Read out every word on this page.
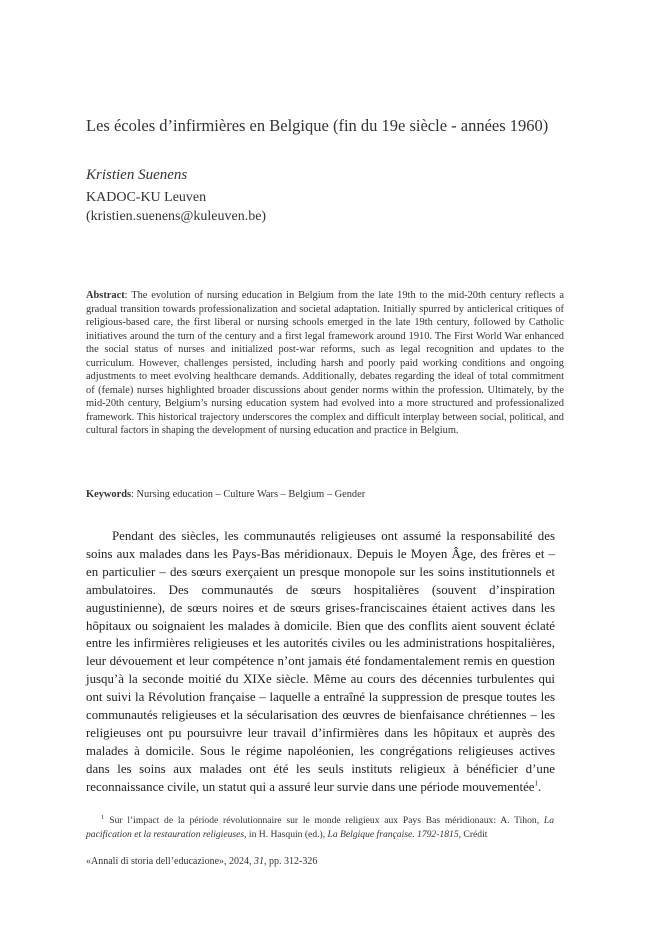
Les écoles d’infirmières en Belgique (fin du 19e siècle - années 1960)
Kristien Suenens
KADOC-KU Leuven
(kristien.suenens@kuleuven.be)
Abstract: The evolution of nursing education in Belgium from the late 19th to the mid-20th century reflects a gradual transition towards professionalization and societal adaptation. Initially spurred by anticlerical critiques of religious-based care, the first liberal or nursing schools emerged in the late 19th century, followed by Catholic initiatives around the turn of the century and a first legal framework around 1910. The First World War enhanced the social status of nurses and initialized post-war reforms, such as legal recognition and updates to the curriculum. However, challenges persisted, including harsh and poorly paid working conditions and ongoing adjustments to meet evolving healthcare demands. Additionally, debates regarding the ideal of total commitment of (female) nurses highlighted broader discussions about gender norms within the profession. Ultimately, by the mid-20th century, Belgium’s nursing education system had evolved into a more structured and professionalized framework. This historical trajectory underscores the complex and difficult interplay between social, political, and cultural factors in shaping the development of nursing education and practice in Belgium.
Keywords: Nursing education – Culture Wars – Belgium – Gender
Pendant des siècles, les communautés religieuses ont assumé la responsabilité des soins aux malades dans les Pays-Bas méridionaux. Depuis le Moyen Âge, des frères et – en particulier – des sœurs exerçaient un presque monopole sur les soins institutionnels et ambulatoires. Des communautés de sœurs hospitalières (souvent d’inspiration augustinienne), de sœurs noires et de sœurs grises-franciscaines étaient actives dans les hôpitaux ou soignaient les malades à domicile. Bien que des conflits aient souvent éclaté entre les infirmières religieuses et les autorités civiles ou les administrations hospitalières, leur dévouement et leur compétence n’ont jamais été fondamentalement remis en question jusqu’à la seconde moitié du XIXe siècle. Même au cours des décennies turbulentes qui ont suivi la Révolution française – laquelle a entraîné la suppression de presque toutes les communautés religieuses et la sécularisation des œuvres de bienfaisance chrétiennes – les religieuses ont pu poursuivre leur travail d’infirmières dans les hôpitaux et auprès des malades à domicile. Sous le régime napoléonien, les congrégations religieuses actives dans les soins aux malades ont été les seuls instituts religieux à bénéficier d’une reconnaissance civile, un statut qui a assuré leur survie dans une période mouvementée$^1$.
$^1$ Sur l’impact de la période révolutionnaire sur le monde religieux aux Pays Bas méridionaux: A. Tihon, La pacification et la restauration religieuses, in H. Hasquin (ed.), La Belgique française. 1792-1815, Crédit
«Annali di storia dell’educazione», 2024, 31, pp. 312-326
